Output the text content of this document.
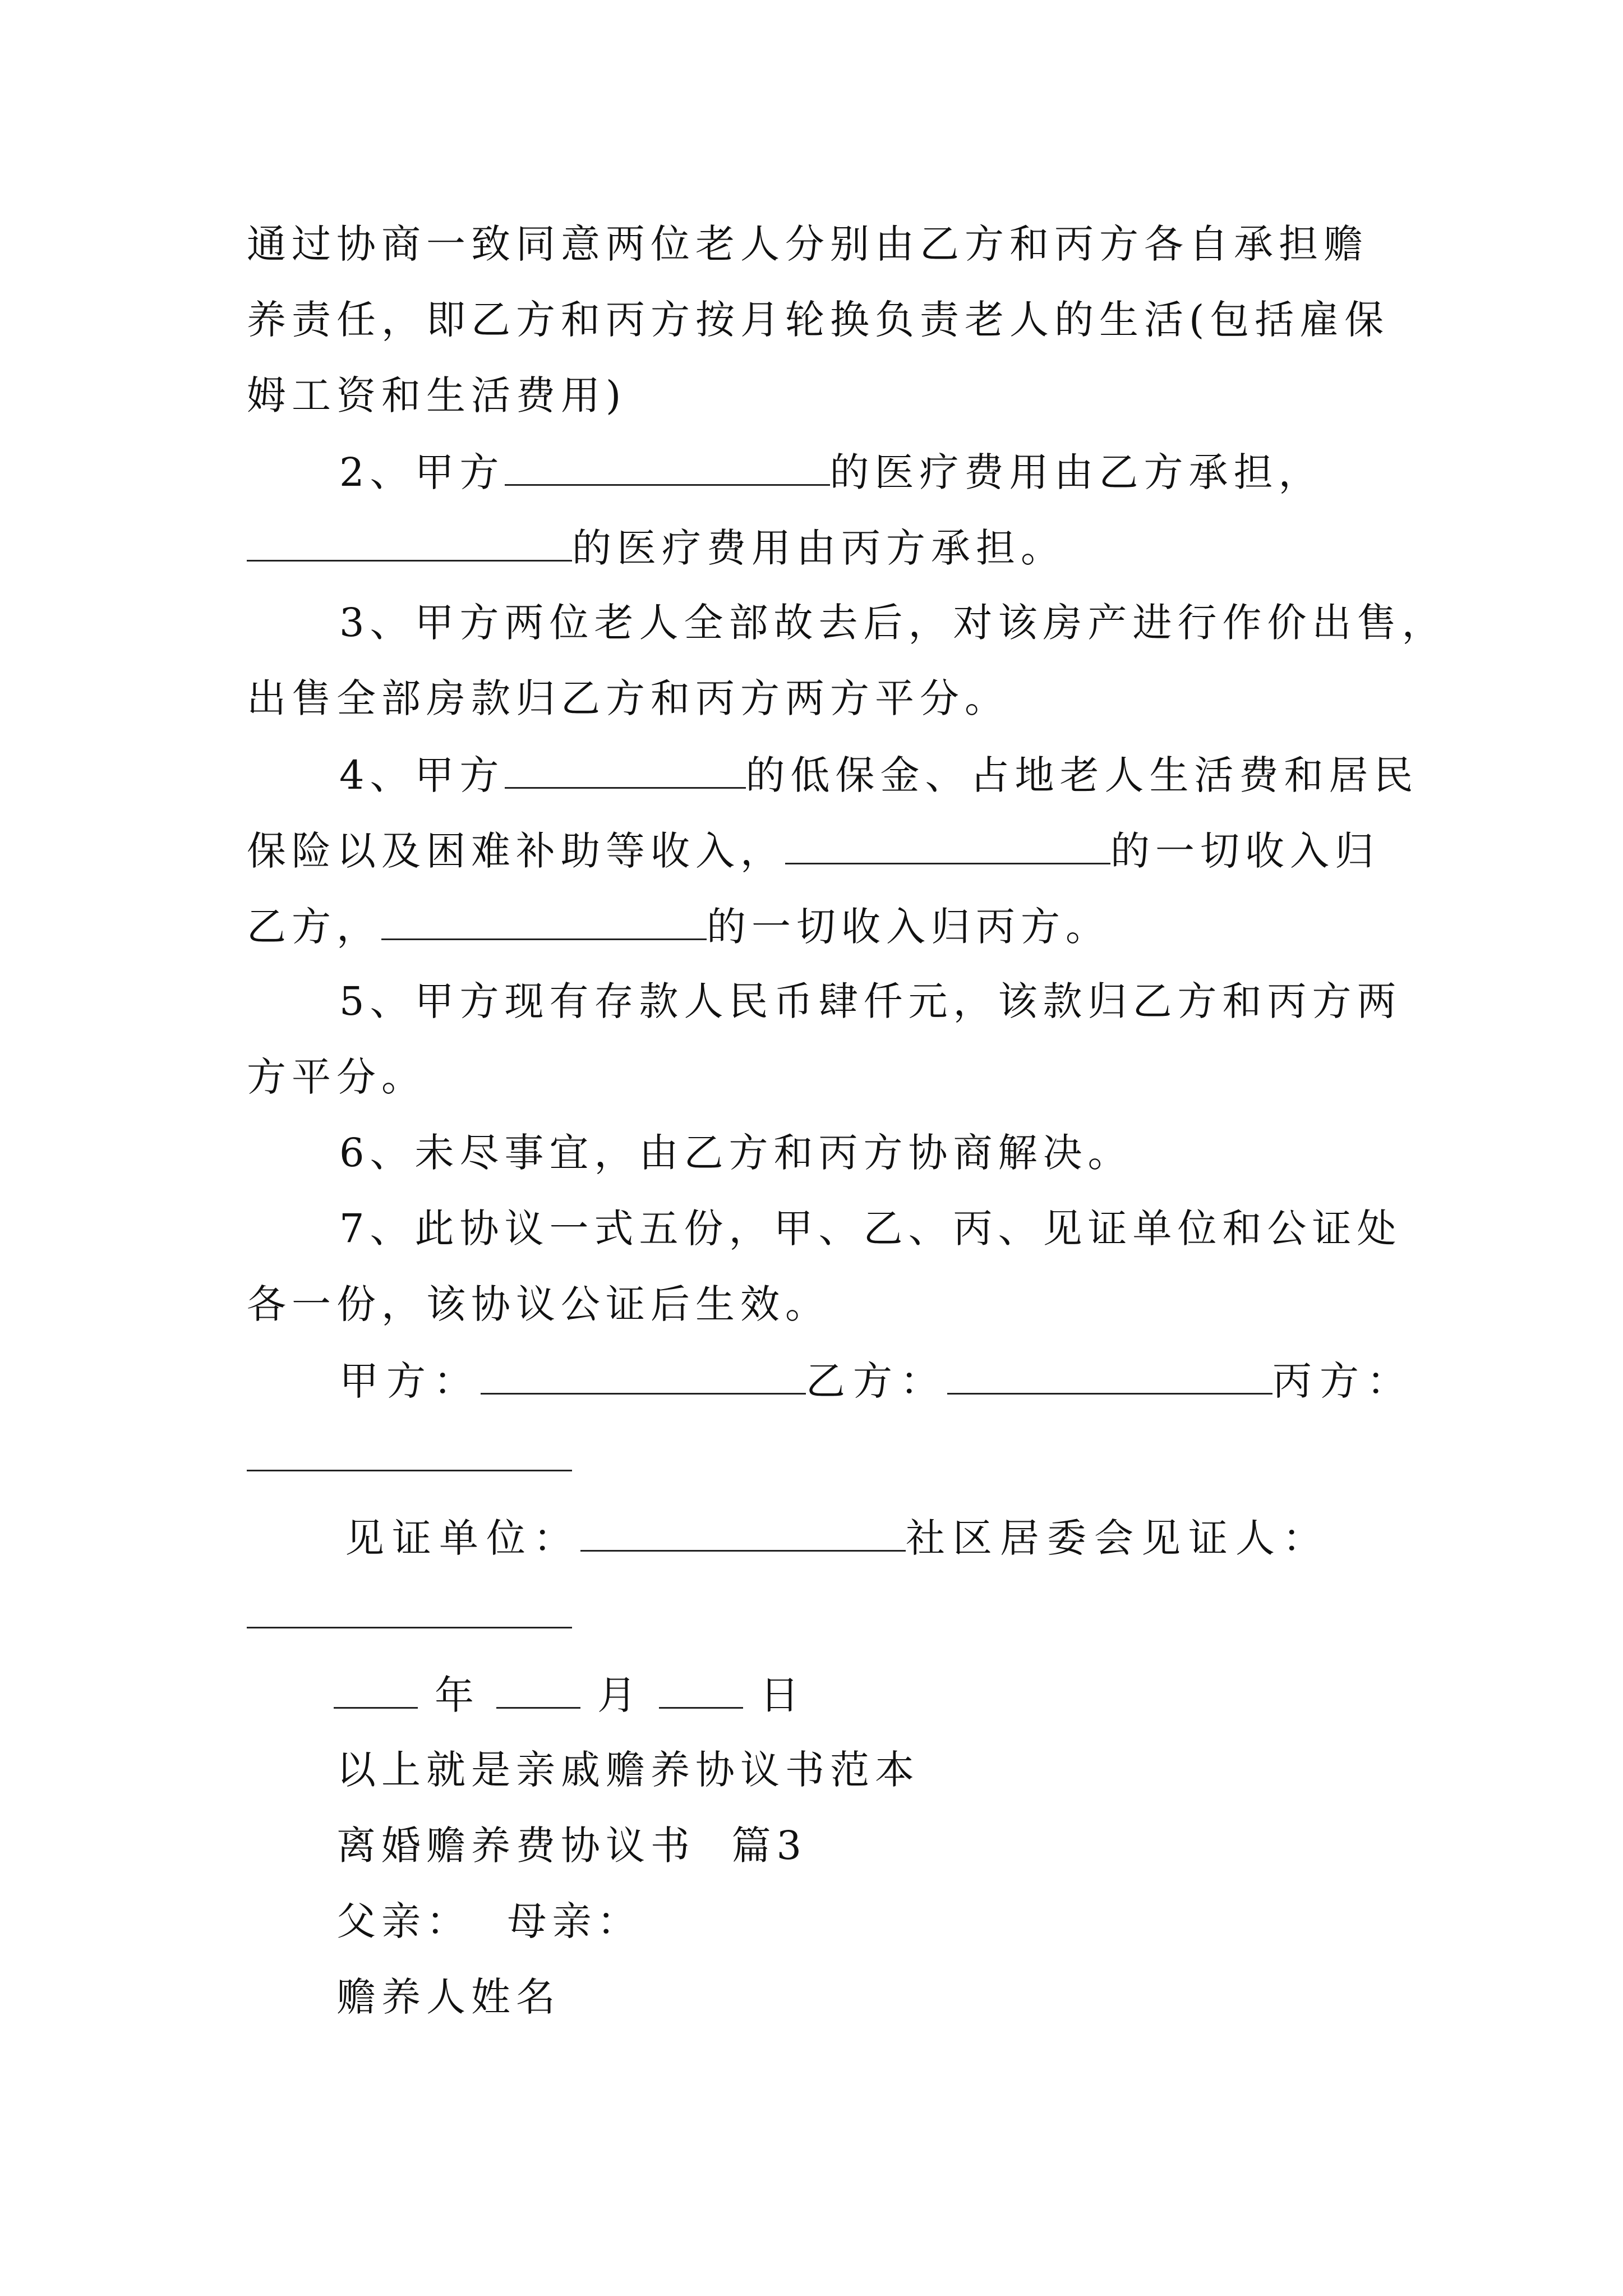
通过协商一致同意两位老人分别由乙方和丙方各自承担赡
养责任，即乙方和丙方按月轮换负责老人的生活(包括雇保
姆工资和生活费用)
2、甲方	的医疗费用由乙方承担，
的医疗费用由丙方承担。
3、甲方两位老人全部故去后，对该房产进行作价出售，
出售全部房款归乙方和丙方两方平分。
4、甲方	的低保金、占地老人生活费和居民
保险以及困难补助等收入，	的一切收入归
乙方，	的一切收入归丙方。
5、甲方现有存款人民币肆仟元，该款归乙方和丙方两
方平分。
6、未尽事宜，由乙方和丙方协商解决。
7、此协议一式五份，甲、乙、丙、见证单位和公证处
各一份，该协议公证后生效。
甲方：	乙方：	丙方：
见证单位：	社区居委会见证人：
年	月	日
以上就是亲戚赡养协议书范本
离婚赡养费协议书  篇3
父亲：  母亲：
赡养人姓名
